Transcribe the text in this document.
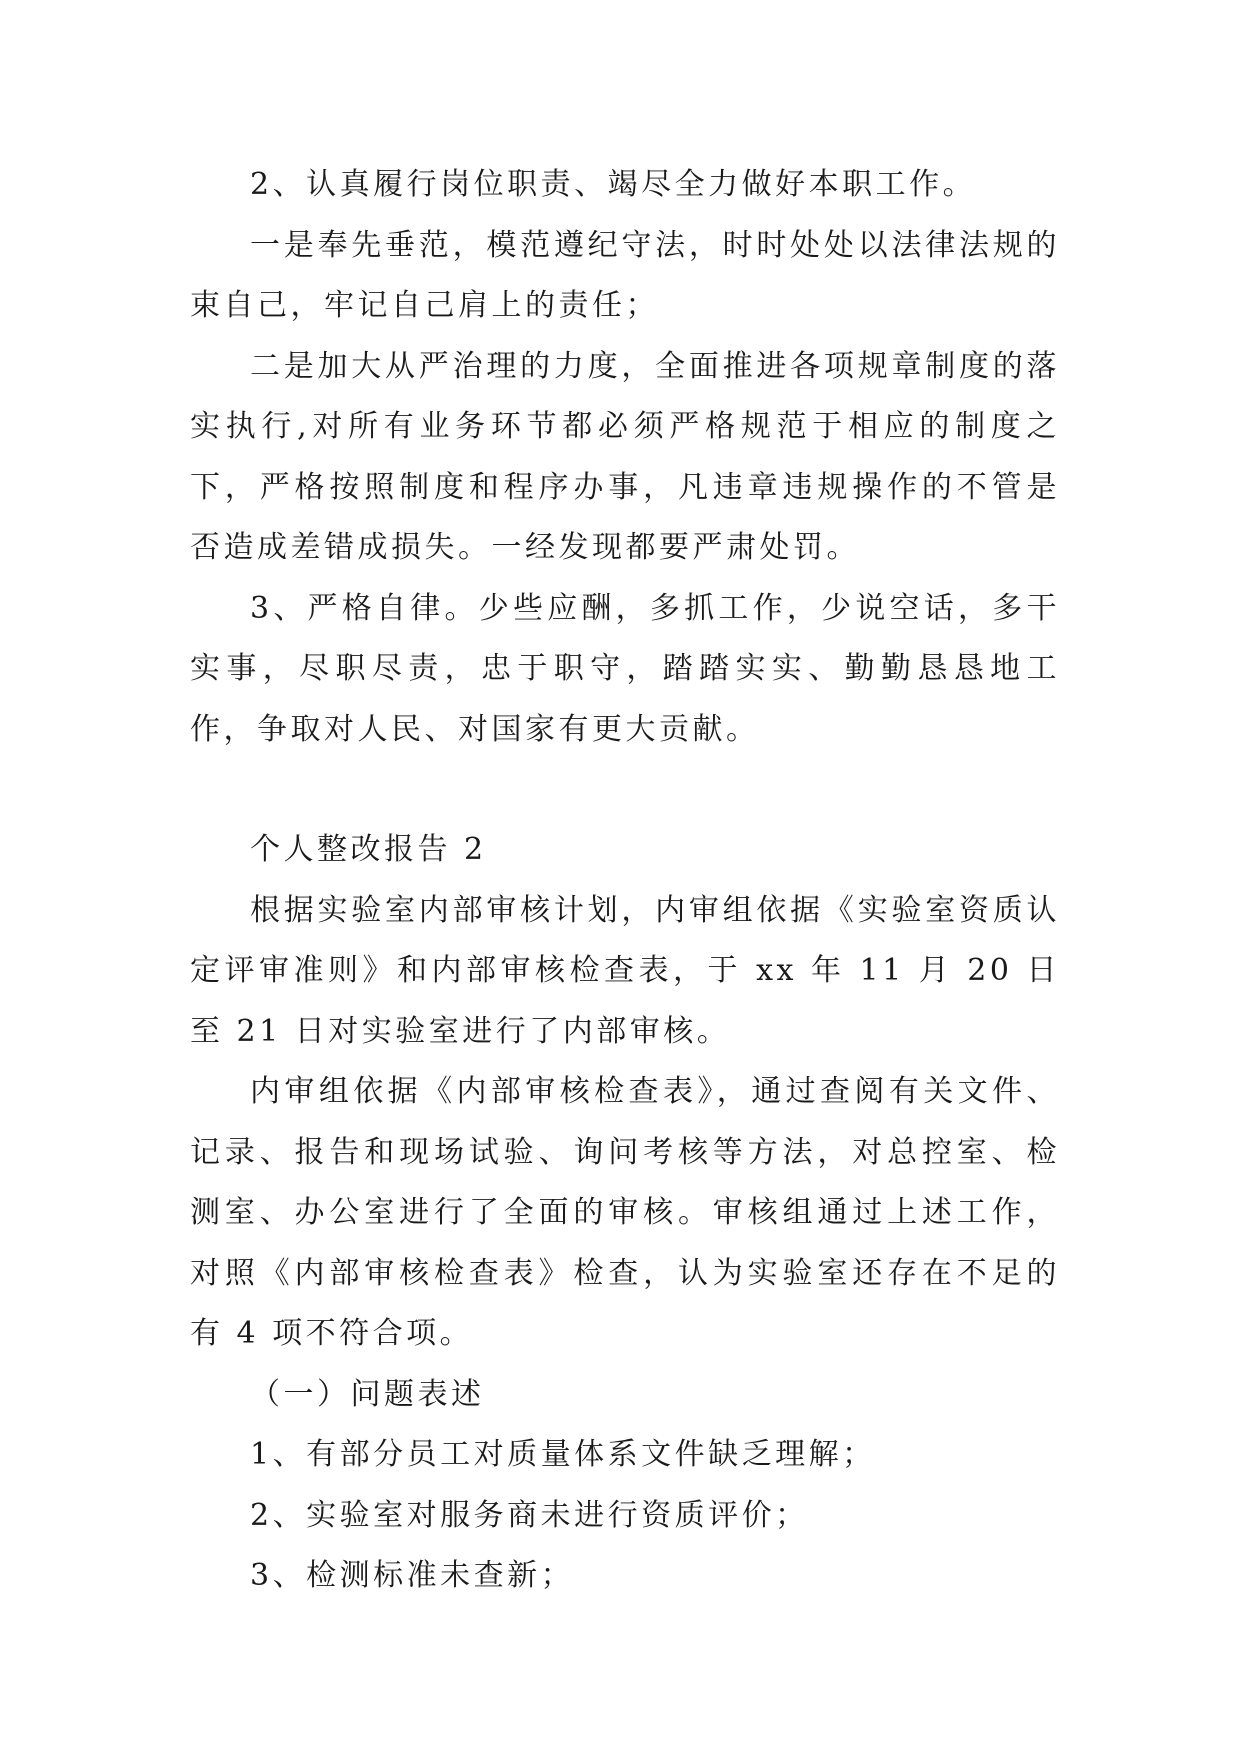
2、认真履行岗位职责、竭尽全力做好本职工作。

一是奉先垂范，模范遵纪守法，时时处处以法律法规的束自己，牢记自己肩上的责任；

二是加大从严治理的力度，全面推进各项规章制度的落实执行,对所有业务环节都必须严格规范于相应的制度之下，严格按照制度和程序办事，凡违章违规操作的不管是否造成差错成损失。一经发现都要严肃处罚。

3、严格自律。少些应酬，多抓工作，少说空话，多干实事，尽职尽责，忠于职守，踏踏实实、勤勤恳恳地工作，争取对人民、对国家有更大贡献。

个人整改报告 2

根据实验室内部审核计划，内审组依据《实验室资质认定评审准则》和内部审核检查表，于 xx 年 11 月 20 日至 21 日对实验室进行了内部审核。

内审组依据《内部审核检查表》，通过查阅有关文件、记录、报告和现场试验、询问考核等方法，对总控室、检测室、办公室进行了全面的审核。审核组通过上述工作，对照《内部审核检查表》检查，认为实验室还存在不足的有 4 项不符合项。

（一）问题表述

1、有部分员工对质量体系文件缺乏理解；

2、实验室对服务商未进行资质评价；

3、检测标准未查新；
